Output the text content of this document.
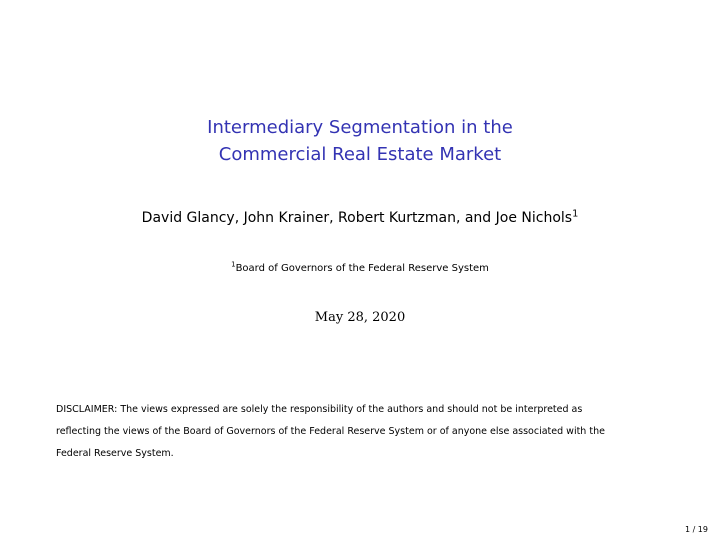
Intermediary Segmentation in the
Commercial Real Estate Market
David Glancy, John Krainer, Robert Kurtzman, and Joe Nichols$^1$
$^1$Board of Governors of the Federal Reserve System
May 28, 2020
DISCLAIMER: The views expressed are solely the responsibility of the authors and should not be interpreted as
reflecting the views of the Board of Governors of the Federal Reserve System or of anyone else associated with the
Federal Reserve System.
1 / 19
